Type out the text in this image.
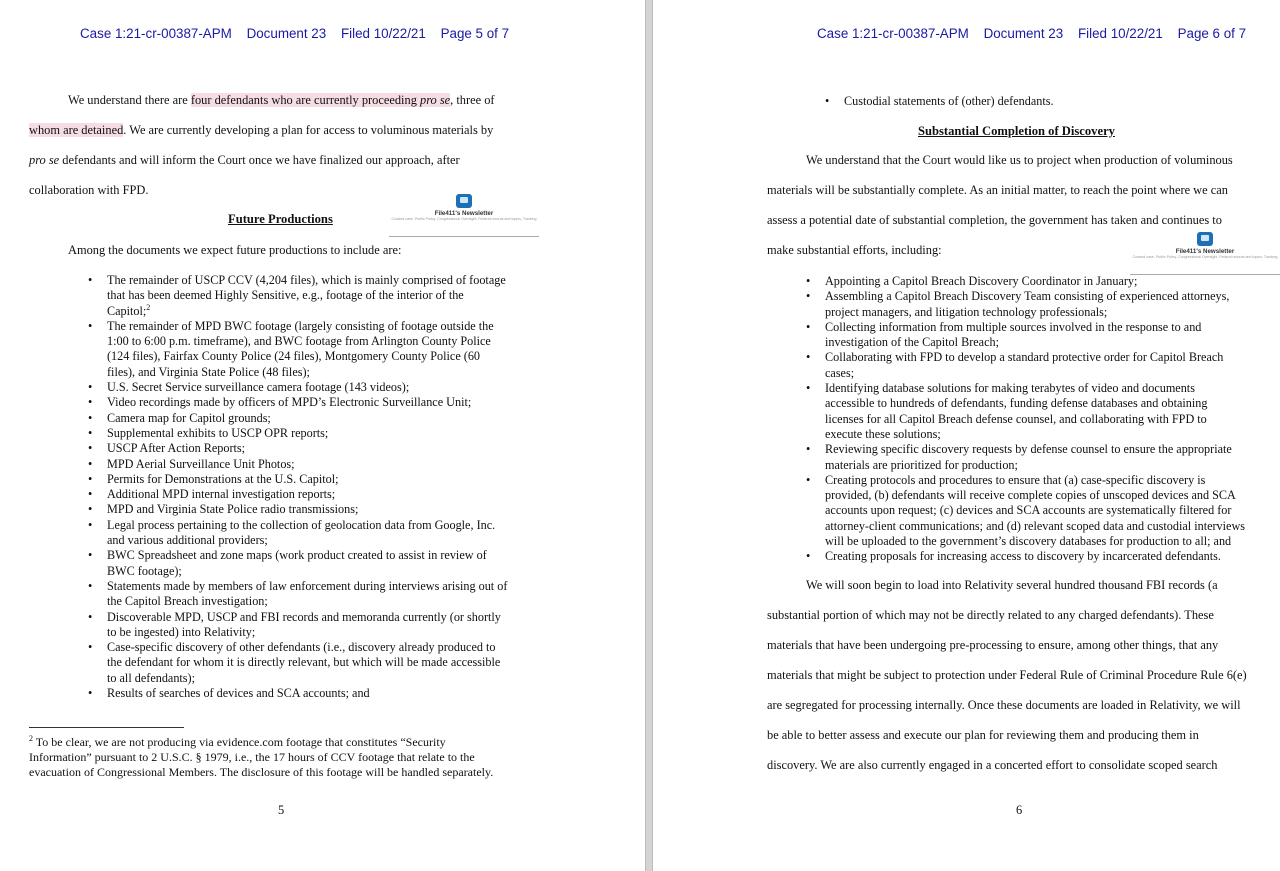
Case 1:21-cr-00387-APM Document 23 Filed 10/22/21 Page 5 of 7
We understand there are four defendants who are currently proceeding pro se, three of
whom are detained. We are currently developing a plan for access to voluminous materials by
pro se defendants and will inform the Court once we have finalized our approach, after
collaboration with FPD.
File411's Newsletter
Curated case, Public Policy, Congressional Oversight, Federal records and topics, Tracking
Future Productions
Among the documents we expect future productions to include are:
• The remainder of USCP CCV (4,204 files), which is mainly comprised of footage
that has been deemed Highly Sensitive, e.g., footage of the interior of the
Capitol;$^2$
• The remainder of MPD BWC footage (largely consisting of footage outside the
1:00 to 6:00 p.m. timeframe), and BWC footage from Arlington County Police
(124 files), Fairfax County Police (24 files), Montgomery County Police (60
files), and Virginia State Police (48 files);
• U.S. Secret Service surveillance camera footage (143 videos);
• Video recordings made by officers of MPD’s Electronic Surveillance Unit;
• Camera map for Capitol grounds;
• Supplemental exhibits to USCP OPR reports;
• USCP After Action Reports;
• MPD Aerial Surveillance Unit Photos;
• Permits for Demonstrations at the U.S. Capitol;
• Additional MPD internal investigation reports;
• MPD and Virginia State Police radio transmissions;
• Legal process pertaining to the collection of geolocation data from Google, Inc.
and various additional providers;
• BWC Spreadsheet and zone maps (work product created to assist in review of
BWC footage);
• Statements made by members of law enforcement during interviews arising out of
the Capitol Breach investigation;
• Discoverable MPD, USCP and FBI records and memoranda currently (or shortly
to be ingested) into Relativity;
• Case-specific discovery of other defendants (i.e., discovery already produced to
the defendant for whom it is directly relevant, but which will be made accessible
to all defendants);
• Results of searches of devices and SCA accounts; and
$^2$ To be clear, we are not producing via evidence.com footage that constitutes “Security
Information” pursuant to 2 U.S.C. § 1979, i.e., the 17 hours of CCV footage that relate to the
evacuation of Congressional Members. The disclosure of this footage will be handled separately.
5
Case 1:21-cr-00387-APM Document 23 Filed 10/22/21 Page 6 of 7
• Custodial statements of (other) defendants.
Substantial Completion of Discovery
We understand that the Court would like us to project when production of voluminous
materials will be substantially complete. As an initial matter, to reach the point where we can
assess a potential date of substantial completion, the government has taken and continues to
make substantial efforts, including:	File411's Newsletter
Curated case, Public Policy, Congressional Oversight, Federal records and topics, Tracking
• Appointing a Capitol Breach Discovery Coordinator in January;
• Assembling a Capitol Breach Discovery Team consisting of experienced attorneys,
project managers, and litigation technology professionals;
• Collecting information from multiple sources involved in the response to and
investigation of the Capitol Breach;
• Collaborating with FPD to develop a standard protective order for Capitol Breach
cases;
• Identifying database solutions for making terabytes of video and documents
accessible to hundreds of defendants, funding defense databases and obtaining
licenses for all Capitol Breach defense counsel, and collaborating with FPD to
execute these solutions;
• Reviewing specific discovery requests by defense counsel to ensure the appropriate
materials are prioritized for production;
• Creating protocols and procedures to ensure that (a) case-specific discovery is
provided, (b) defendants will receive complete copies of unscoped devices and SCA
accounts upon request; (c) devices and SCA accounts are systematically filtered for
attorney-client communications; and (d) relevant scoped data and custodial interviews
will be uploaded to the government’s discovery databases for production to all; and
• Creating proposals for increasing access to discovery by incarcerated defendants.
We will soon begin to load into Relativity several hundred thousand FBI records (a
substantial portion of which may not be directly related to any charged defendants). These
materials that have been undergoing pre-processing to ensure, among other things, that any
materials that might be subject to protection under Federal Rule of Criminal Procedure Rule 6(e)
are segregated for processing internally. Once these documents are loaded in Relativity, we will
be able to better assess and execute our plan for reviewing them and producing them in
discovery. We are also currently engaged in a concerted effort to consolidate scoped search
6
